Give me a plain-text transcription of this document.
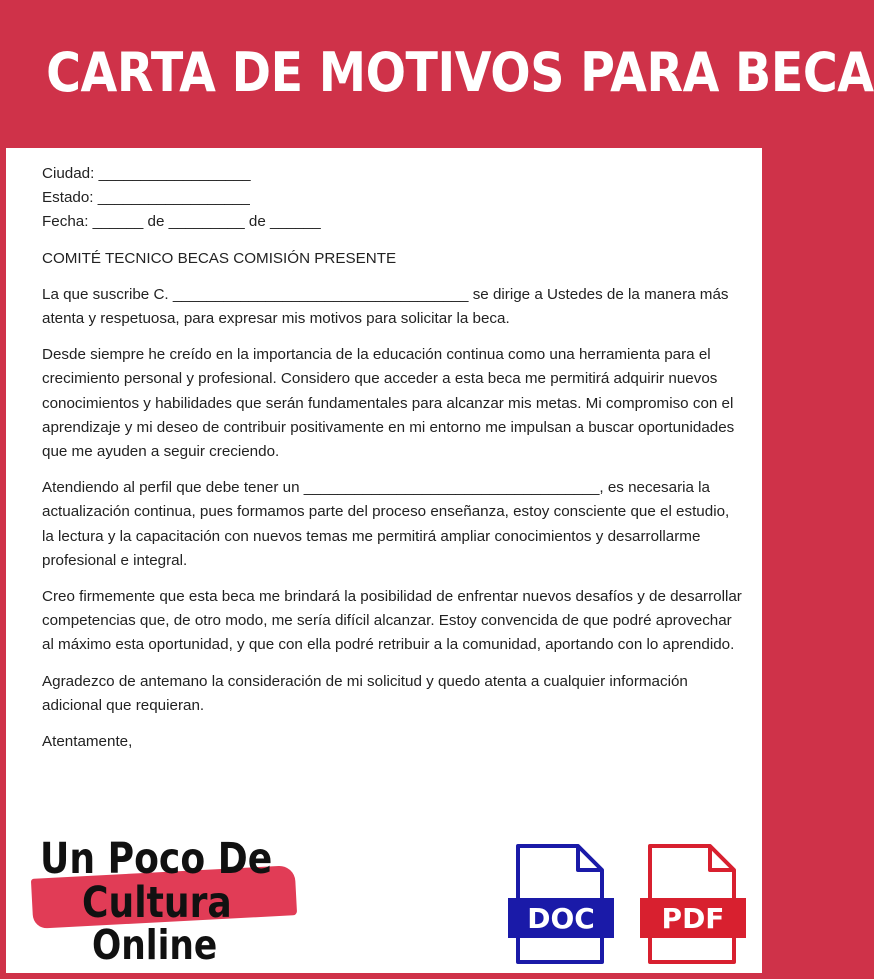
CARTA DE MOTIVOS PARA BECA

Ciudad: __________________

Estado: __________________

Fecha: ______ de _________ de ______

COMITÉ TECNICO BECAS COMISIÓN PRESENTE

La que suscribe C. ___________________________________ se dirige a Ustedes de la manera más atenta y respetuosa, para expresar mis motivos para solicitar la beca.

Desde siempre he creído en la importancia de la educación continua como una herramienta para el crecimiento personal y profesional. Considero que acceder a esta beca me permitirá adquirir nuevos conocimientos y habilidades que serán fundamentales para alcanzar mis metas. Mi compromiso con el aprendizaje y mi deseo de contribuir positivamente en mi entorno me impulsan a buscar oportunidades que me ayuden a seguir creciendo.

Atendiendo al perfil que debe tener un ___________________________________, es necesaria la actualización continua, pues formamos parte del proceso enseñanza, estoy consciente que el estudio, la lectura y la capacitación con nuevos temas me permitirá ampliar conocimientos y desarrollarme profesional e integral.

Creo firmemente que esta beca me brindará la posibilidad de enfrentar nuevos desafíos y de desarrollar competencias que, de otro modo, me sería difícil alcanzar. Estoy convencida de que podré aprovechar al máximo esta oportunidad, y que con ella podré retribuir a la comunidad, aportando con lo aprendido.

Agradezco de antemano la consideración de mi solicitud y quedo atenta a cualquier información adicional que requieran.

Atentamente,

Un Poco De
Cultura
Online
DOC PDF
